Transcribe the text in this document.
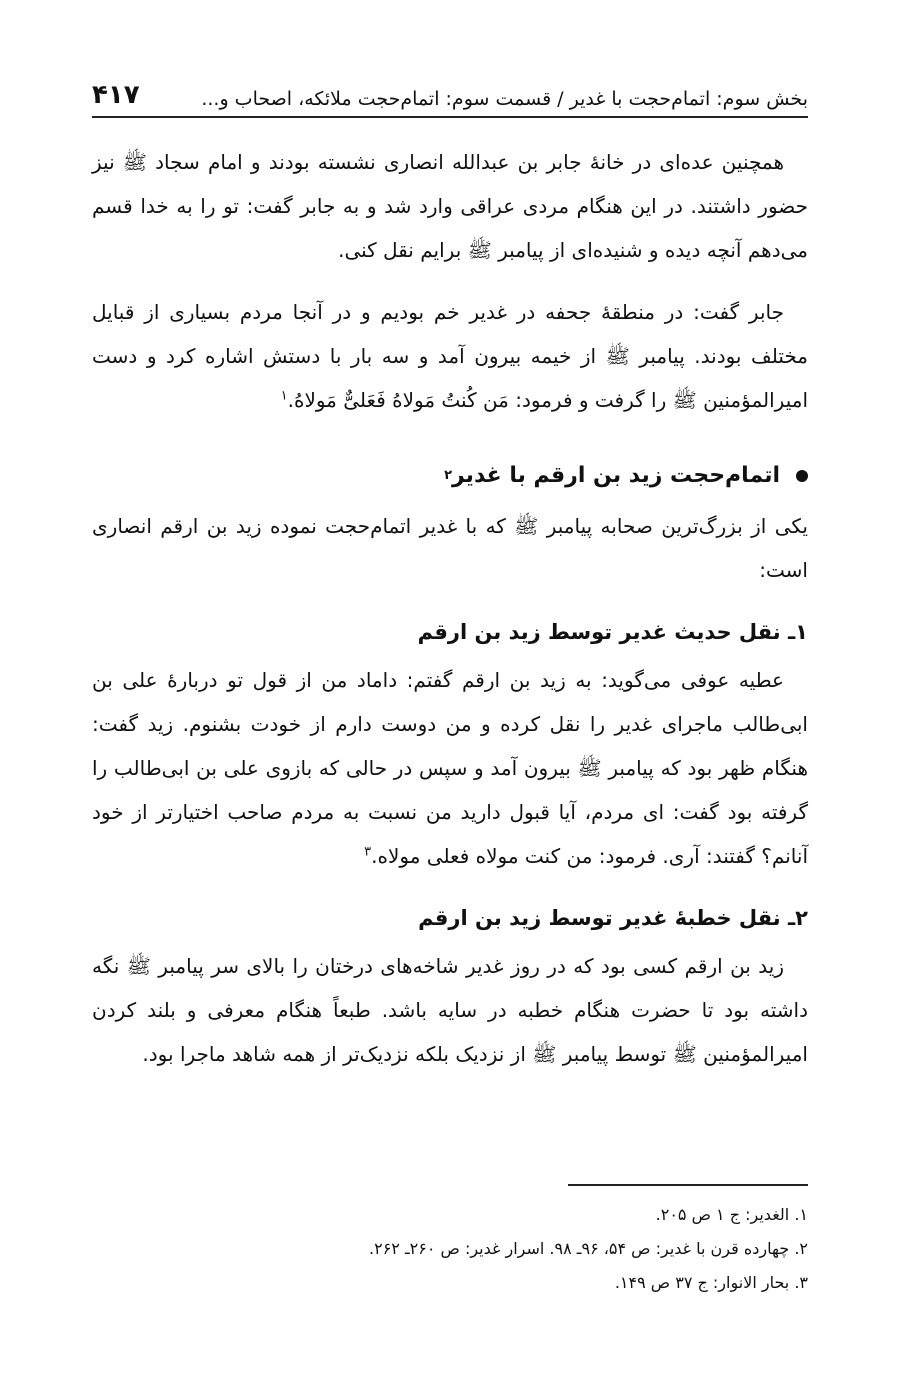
بخش سوم: اتمام‌حجت با غدیر / قسمت سوم: اتمام‌حجت ملائکه، اصحاب و...
۴۱۷

همچنین عده‌ای در خانهٔ جابر بن عبدالله انصاری نشسته بودند و امام سجاد ﷺ نیز حضور داشتند. در این هنگام مردی عراقی وارد شد و به جابر گفت: تو را به خدا قسم می‌دهم آنچه دیده و شنیده‌ای از پیامبر ﷺ برایم نقل کنی.

جابر گفت: در منطقهٔ جحفه در غدیر خم بودیم و در آنجا مردم بسیاری از قبایل مختلف بودند. پیامبر ﷺ از خیمه بیرون آمد و سه بار با دستش اشاره کرد و دست امیرالمؤمنین ﷺ را گرفت و فرمود: مَن کُنتُ مَولاهُ فَعَلیٌّ مَولاهُ.$^۱$

اتمام‌حجت زید بن ارقم با غدیر
۲

یکی از بزرگ‌ترین صحابه پیامبر ﷺ که با غدیر اتمام‌حجت نموده زید بن ارقم انصاری است:

۱ـ نقل حدیث غدیر توسط زید بن ارقم

عطیه عوفی می‌گوید: به زید بن ارقم گفتم: داماد من از قول تو دربارهٔ علی بن ابی‌طالب ماجرای غدیر را نقل کرده و من دوست دارم از خودت بشنوم. زید گفت: هنگام ظهر بود که پیامبر ﷺ بیرون آمد و سپس در حالی که بازوی علی بن ابی‌طالب را گرفته بود گفت: ای مردم، آیا قبول دارید من نسبت به مردم صاحب اختیارتر از خود آنانم؟ گفتند: آری. فرمود: من کنت مولاه فعلی مولاه.$^۳$

۲ـ نقل خطبهٔ غدیر توسط زید بن ارقم

زید بن ارقم کسی بود که در روز غدیر شاخه‌های درختان را بالای سر پیامبر ﷺ نگه داشته بود تا حضرت هنگام خطبه در سایه باشد. طبعاً هنگام معرفی و بلند کردن امیرالمؤمنین ﷺ توسط پیامبر ﷺ از نزدیک بلکه نزدیک‌تر از همه شاهد ماجرا بود.

۱. الغدیر: ج ۱ ص ۲۰۵.

۲. چهارده قرن با غدیر: ص ۵۴، ۹۶ـ ۹۸. اسرار غدیر: ص ۲۶۰ـ ۲۶۲.

۳. بحار الانوار: ج ۳۷ ص ۱۴۹.
